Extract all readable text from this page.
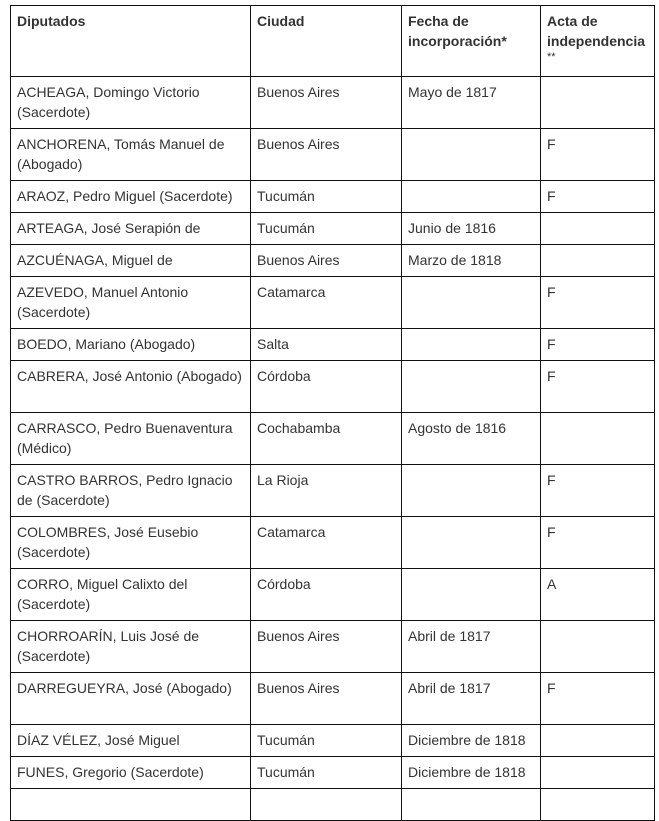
Diputados	Ciudad	Fecha de incorporación*	Acta de independencia
**

ACHEAGA, Domingo Victorio (Sacerdote)	Buenos Aires	Mayo de 1817	
ANCHORENA, Tomás Manuel de (Abogado)	Buenos Aires		F
ARAOZ, Pedro Miguel (Sacerdote)	Tucumán		F
ARTEAGA, José Serapión de	Tucumán	Junio de 1816	
AZCUÉNAGA, Miguel de	Buenos Aires	Marzo de 1818	
AZEVEDO, Manuel Antonio (Sacerdote)	Catamarca		F
BOEDO, Mariano (Abogado)	Salta		F
CABRERA, José Antonio (Abogado)	Córdoba		F
CARRASCO, Pedro Buenaventura (Médico)	Cochabamba	Agosto de 1816	
CASTRO BARROS, Pedro Ignacio de (Sacerdote)	La Rioja		F
COLOMBRES, José Eusebio (Sacerdote)	Catamarca		F
CORRO, Miguel Calixto del (Sacerdote)	Córdoba		A
CHORROARÍN, Luis José de (Sacerdote)	Buenos Aires	Abril de 1817	
DARREGUEYRA, José (Abogado)	Buenos Aires	Abril de 1817	F
DÍAZ VÉLEZ, José Miguel	Tucumán	Diciembre de 1818	
FUNES, Gregorio (Sacerdote)	Tucumán	Diciembre de 1818	
